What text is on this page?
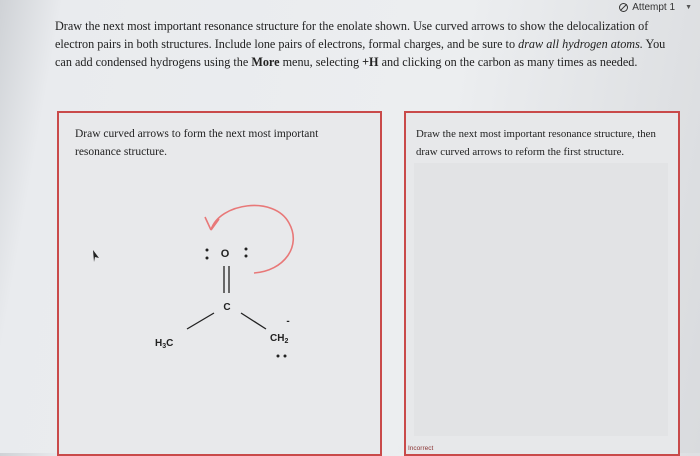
Attempt 1 ▼
Draw the next most important resonance structure for the enolate shown. Use curved arrows to show the delocalization of
electron pairs in both structures. Include lone pairs of electrons, formal charges, and be sure to draw all hydrogen atoms. You
can add condensed hydrogens using the More menu, selecting +H and clicking on the carbon as many times as needed.
Draw curved arrows to form the next most important resonance structure.
O
C
$H_3C$	$CH_2$
-
Draw the next most important resonance structure, then draw curved arrows to reform the first structure.
Incorrect
